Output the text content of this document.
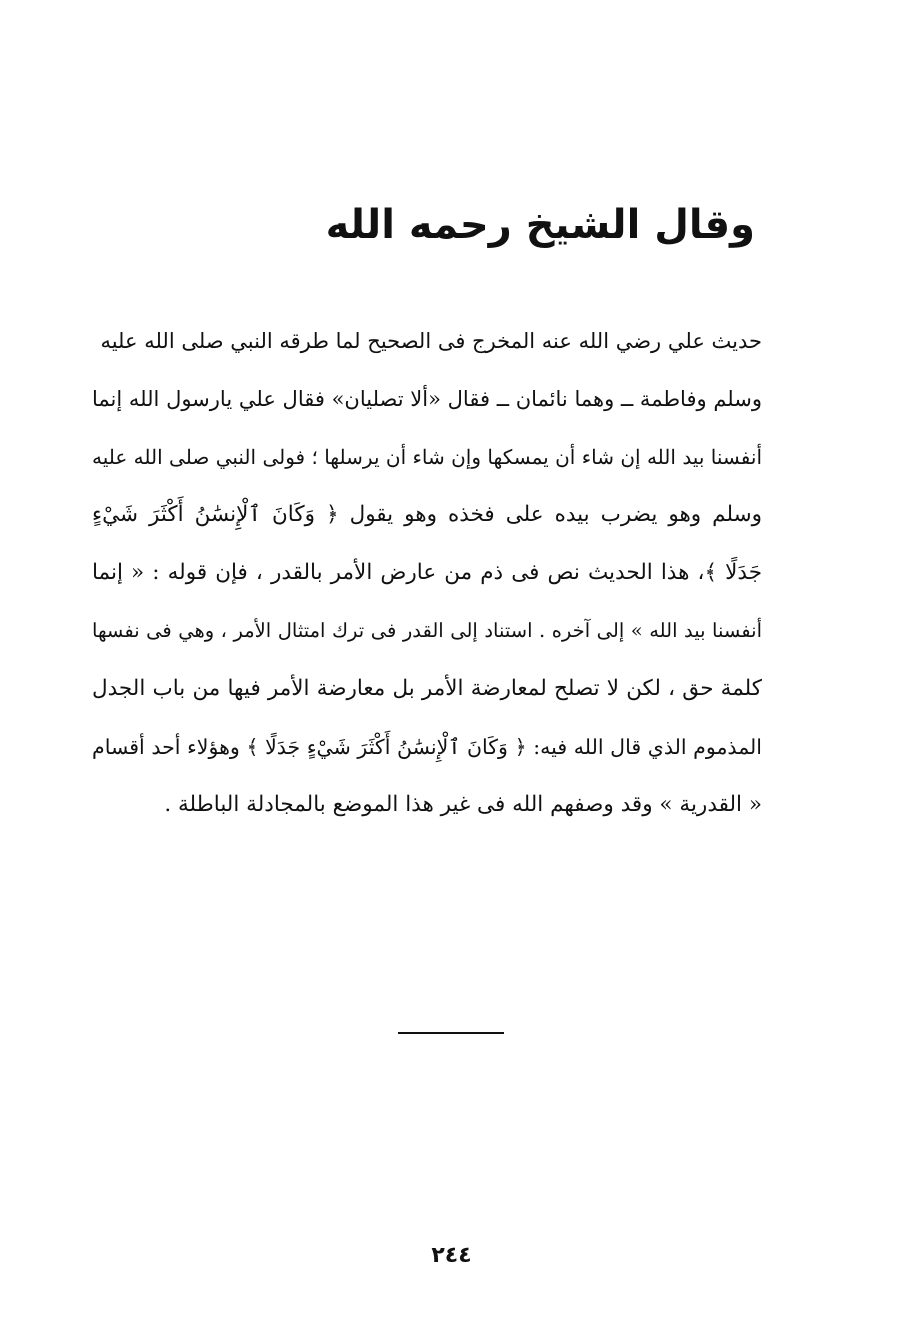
وقال الشيخ رحمه الله
حديث علي رضي الله عنه المخرج فى الصحيح لما طرقه النبي صلى الله عليه
وسلم وفاطمة ــ وهما نائمان ــ فقال «ألا تصليان» فقال علي يارسول الله إنما
أنفسنا بيد الله إن شاء أن يمسكها وإن شاء أن يرسلها ؛ فولى النبي صلى الله عليه
وسلم وهو يضرب بيده على فخذه وهو يقول ﴿ وَكَانَ ٱلْإِنسَٰنُ أَكْثَرَ شَيْءٍ
جَدَلًا ﴾، هذا الحديث نص فى ذم من عارض الأمر بالقدر ، فإن قوله : « إنما
أنفسنا بيد الله » إلى آخره . استناد إلى القدر فى ترك امتثال الأمر ، وهي فى نفسها
كلمة حق ، لكن لا تصلح لمعارضة الأمر بل معارضة الأمر فيها من باب الجدل
المذموم الذي قال الله فيه: ﴿ وَكَانَ ٱلْإِنسَٰنُ أَكْثَرَ شَيْءٍ جَدَلًا ﴾ وهؤلاء أحد أقسام
« القدرية » وقد وصفهم الله فى غير هذا الموضع بالمجادلة الباطلة .
٢٤٤
